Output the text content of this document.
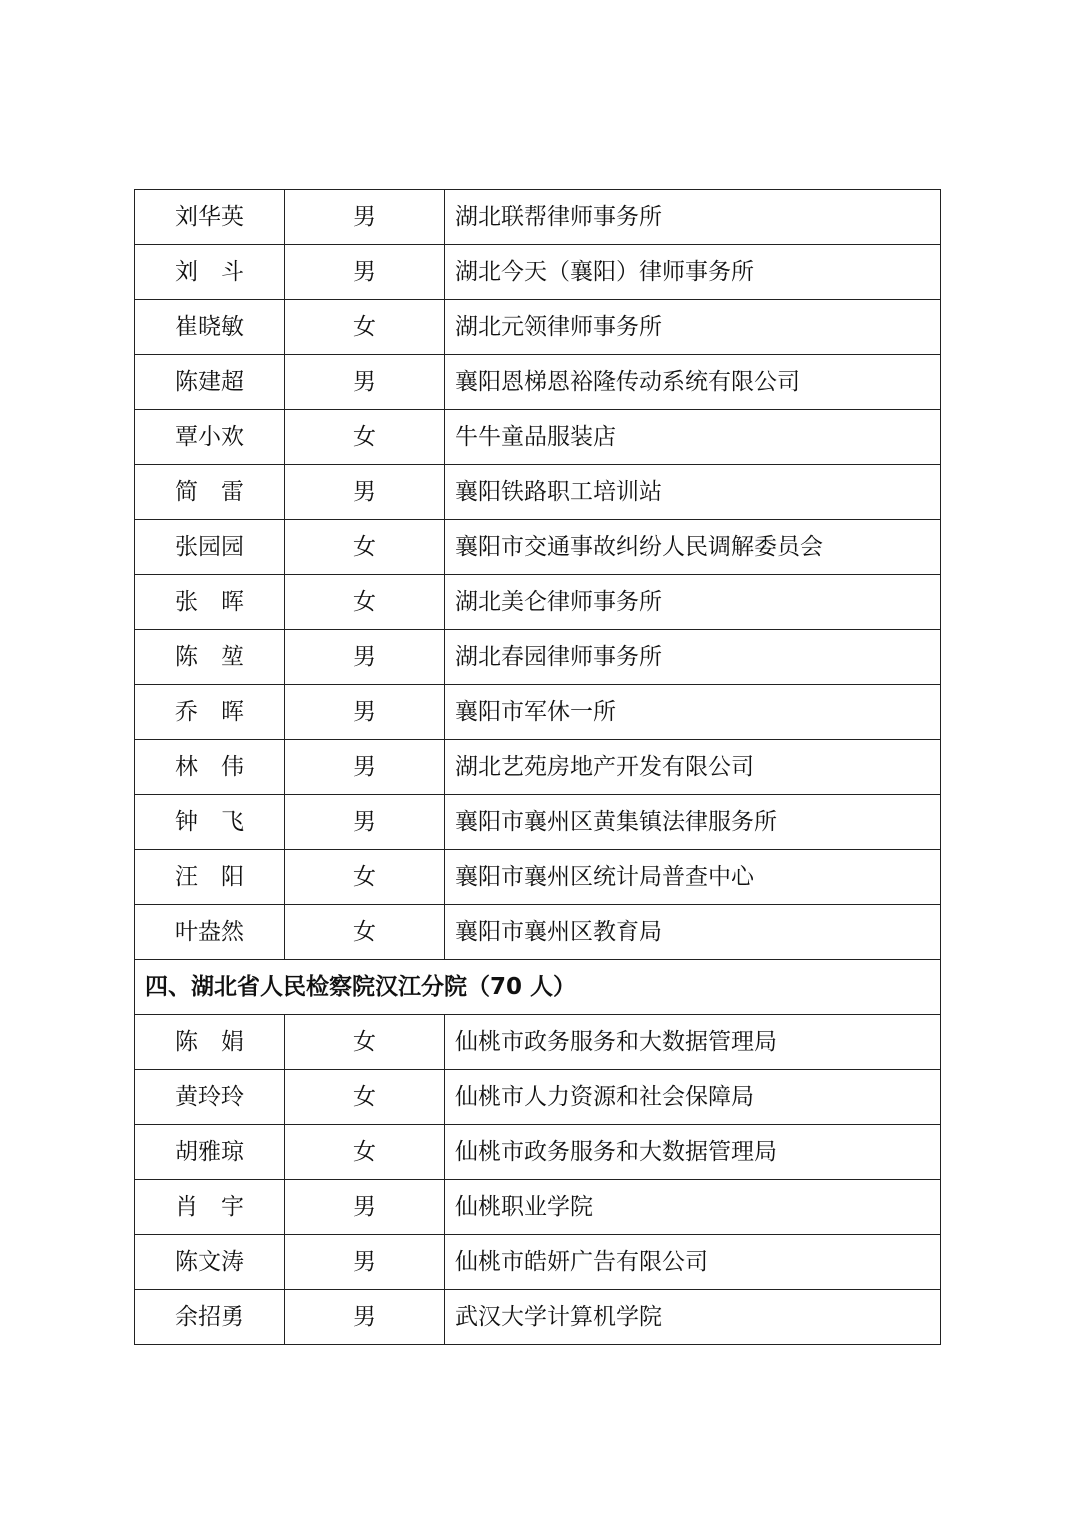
刘华英	男	湖北联帮律师事务所
刘　斗	男	湖北今天（襄阳）律师事务所
崔晓敏	女	湖北元领律师事务所
陈建超	男	襄阳恩梯恩裕隆传动系统有限公司
覃小欢	女	牛牛童品服装店
简　雷	男	襄阳铁路职工培训站
张园园	女	襄阳市交通事故纠纷人民调解委员会
张　晖	女	湖北美仑律师事务所
陈　堃	男	湖北春园律师事务所
乔　晖	男	襄阳市军休一所
林　伟	男	湖北艺苑房地产开发有限公司
钟　飞	男	襄阳市襄州区黄集镇法律服务所
汪　阳	女	襄阳市襄州区统计局普查中心
叶盎然	女	襄阳市襄州区教育局
四、湖北省人民检察院汉江分院（70 人）		
陈　娟	女	仙桃市政务服务和大数据管理局
黄玲玲	女	仙桃市人力资源和社会保障局
胡雅琼	女	仙桃市政务服务和大数据管理局
肖　宇	男	仙桃职业学院
陈文涛	男	仙桃市皓妍广告有限公司
余招勇	男	武汉大学计算机学院
